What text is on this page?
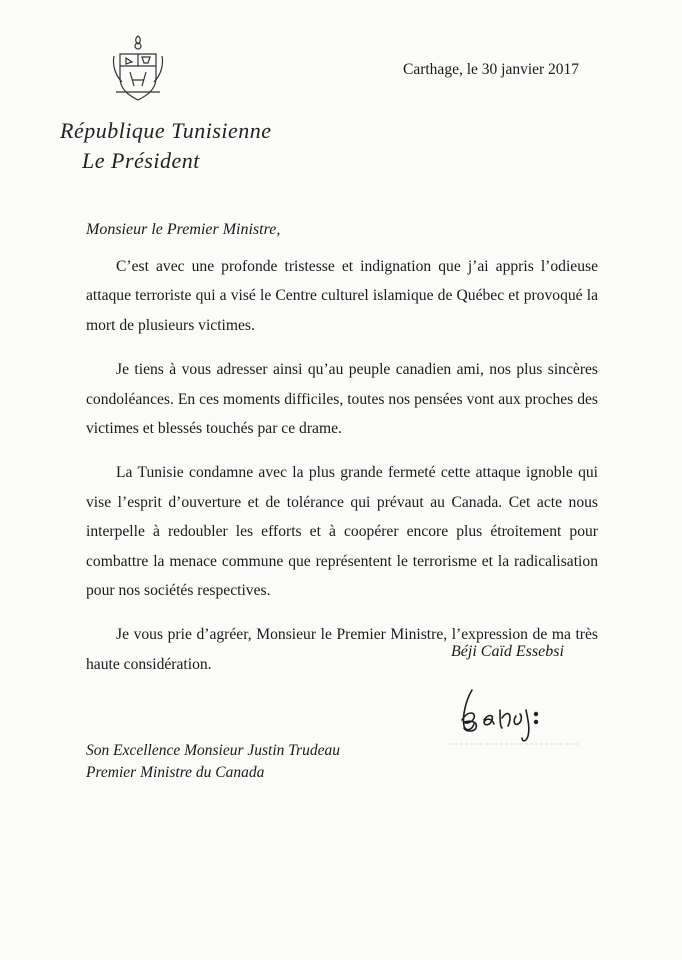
République Tunisienne
Le Président
Carthage, le 30 janvier 2017
Monsieur le Premier Ministre,

C’est avec une profonde tristesse et indignation que j’ai appris l’odieuse attaque terroriste qui a visé le Centre culturel islamique de Québec et provoqué la mort de plusieurs victimes.

Je tiens à vous adresser ainsi qu’au peuple canadien ami, nos plus sincères condoléances. En ces moments difficiles, toutes nos pensées vont aux proches des victimes et blessés touchés par ce drame.

La Tunisie condamne avec la plus grande fermeté cette attaque ignoble qui vise l’esprit d’ouverture et de tolérance qui prévaut au Canada. Cet acte nous interpelle à redoubler les efforts et à coopérer encore plus étroitement pour combattre la menace commune que représentent le terrorisme et la radicalisation pour nos sociétés respectives.

Je vous prie d’agréer, Monsieur le Premier Ministre, l’expression de ma très haute considération.

Béji Caïd Essebsi
Son Excellence Monsieur Justin Trudeau
Premier Ministre du Canada
